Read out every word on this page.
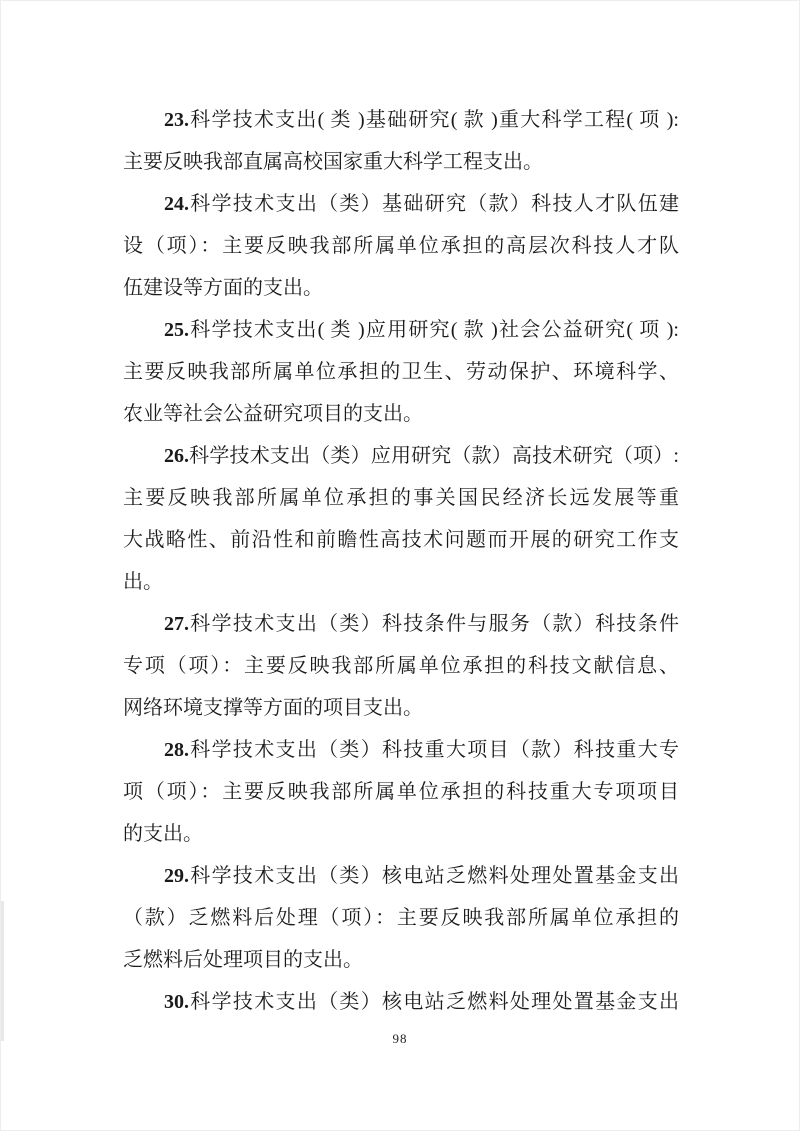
23.科学技术支出( 类 )基础研究( 款 )重大科学工程( 项 ):
主要反映我部直属高校国家重大科学工程支出。
24.科学技术支出（类）基础研究（款）科技人才队伍建
设（项）：主要反映我部所属单位承担的高层次科技人才队
伍建设等方面的支出。
25.科学技术支出( 类 )应用研究( 款 )社会公益研究( 项 ):
主要反映我部所属单位承担的卫生、劳动保护、环境科学、
农业等社会公益研究项目的支出。
26.科学技术支出（类）应用研究（款）高技术研究（项）:
主要反映我部所属单位承担的事关国民经济长远发展等重
大战略性、前沿性和前瞻性高技术问题而开展的研究工作支
出。
27.科学技术支出（类）科技条件与服务（款）科技条件
专项（项）：主要反映我部所属单位承担的科技文献信息、
网络环境支撑等方面的项目支出。
28.科学技术支出（类）科技重大项目（款）科技重大专
项（项）：主要反映我部所属单位承担的科技重大专项项目
的支出。
29.科学技术支出（类）核电站乏燃料处理处置基金支出
（款）乏燃料后处理（项）：主要反映我部所属单位承担的
乏燃料后处理项目的支出。
30.科学技术支出（类）核电站乏燃料处理处置基金支出
98
